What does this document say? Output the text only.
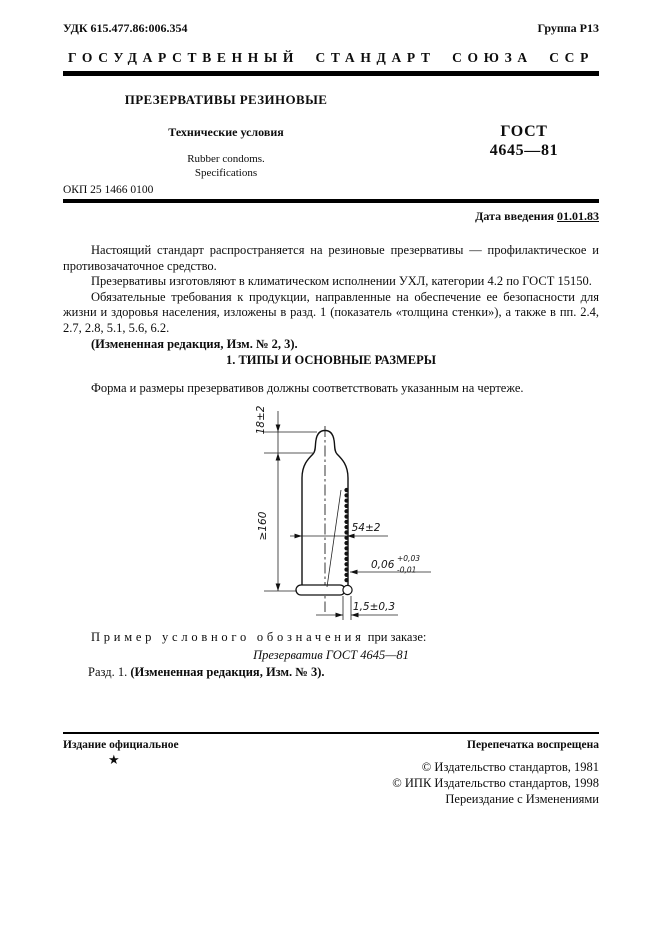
УДК 615.477.86:006.354	Группа Р13
ГОСУДАРСТВЕННЫЙ СТАНДАРТ СОЮЗА ССР
ПРЕЗЕРВАТИВЫ РЕЗИНОВЫЕ
Технические условия
Rubber condoms.
Specifications
ГОСТ
4645—81
ОКП 25 1466 0100
Дата введения 01.01.83

Настоящий стандарт распространяется на резиновые презервативы — профилактическое и противозачаточное средство.

Презервативы изготовляют в климатическом исполнении УХЛ, категории 4.2 по ГОСТ 15150.

Обязательные требования к продукции, направленные на обеспечение ее безопасности для жизни и здоровья населения, изложены в разд. 1 (показатель «толщина стенки»), а также в пп. 2.4, 2.7, 2.8, 5.1, 5.6, 6.2.

(Измененная редакция, Изм. № 2, 3).

1. ТИПЫ И ОСНОВНЫЕ РАЗМЕРЫ

Форма и размеры презервативов должны соответствовать указанным на чертеже.

18±2
≥160	54±2
0,06
+0,03
-0,01
1,5±0,3
Пример условного обозначения при заказе:
Презерватив ГОСТ 4645—81
Разд. 1. (Измененная редакция, Изм. № 3).
Издание официальное	Перепечатка воспрещена
★	© Издательство стандартов, 1981
© ИПК Издательство стандартов, 1998
Переиздание с Изменениями
